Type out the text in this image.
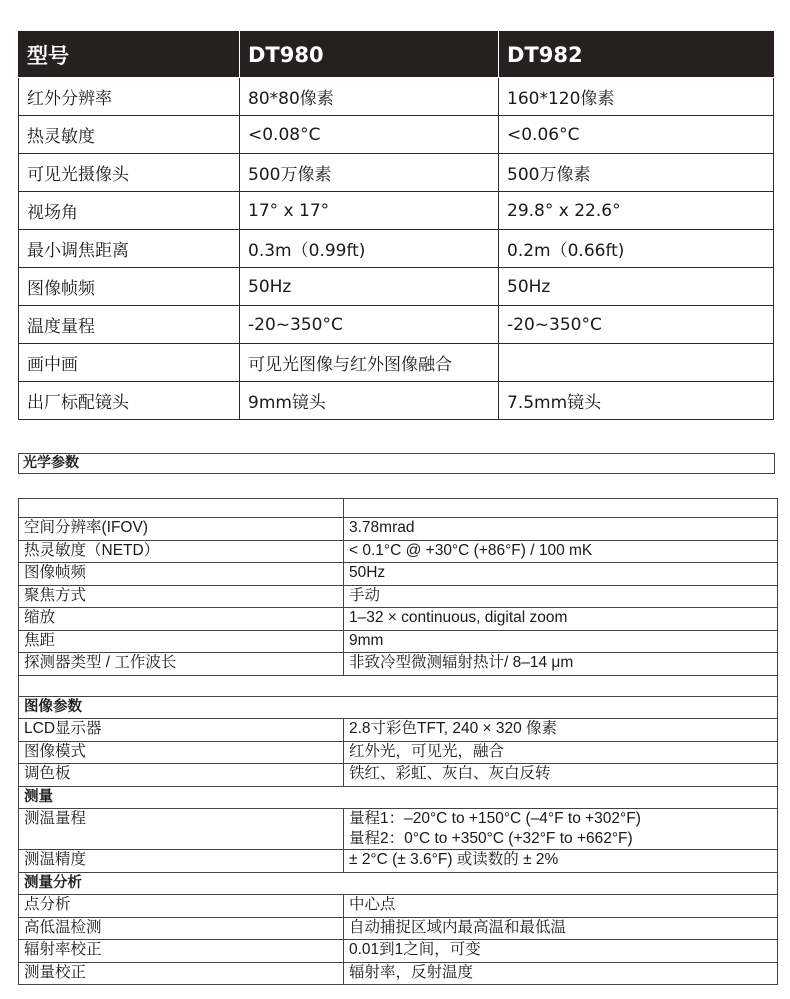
型号	DT980	DT982
红外分辨率	80*80像素	160*120像素
热灵敏度	<0.08°C	<0.06°C
可见光摄像头	500万像素	500万像素
视场角	17° x 17°	29.8° x 22.6°
最小调焦距离	0.3m（0.99ft)	0.2m（0.66ft)
图像帧频	50Hz	50Hz
温度量程	-20~350°C	-20~350°C
画中画	可见光图像与红外图像融合	
出厂标配镜头	9mm镜头	7.5mm镜头
光学参数

空间分辨率(IFOV)	3.78mrad
热灵敏度（NETD）	< 0.1°C @ +30°C (+86°F) / 100 mK
图像帧频	50Hz
聚焦方式	手动
缩放	1–32 × continuous, digital zoom
焦距	9mm
探测器类型 / 工作波长	非致冷型微测辐射热计/ 8–14 μm

图像参数	
LCD显示器	2.8寸彩色TFT, 240 × 320 像素
图像模式	红外光，可见光，融合
调色板	铁红、彩虹、灰白、灰白反转
测量	
测温量程	量程1：–20°C to +150°C (–4°F to +302°F)
量程2：0°C to +350°C (+32°F to +662°F)

测温精度	± 2°C (± 3.6°F) 或读数的 ± 2%
测量分析	
点分析	中心点
高低温检测	自动捕捉区域内最高温和最低温
辐射率校正	0.01到1之间，可变
测量校正	辐射率，反射温度
